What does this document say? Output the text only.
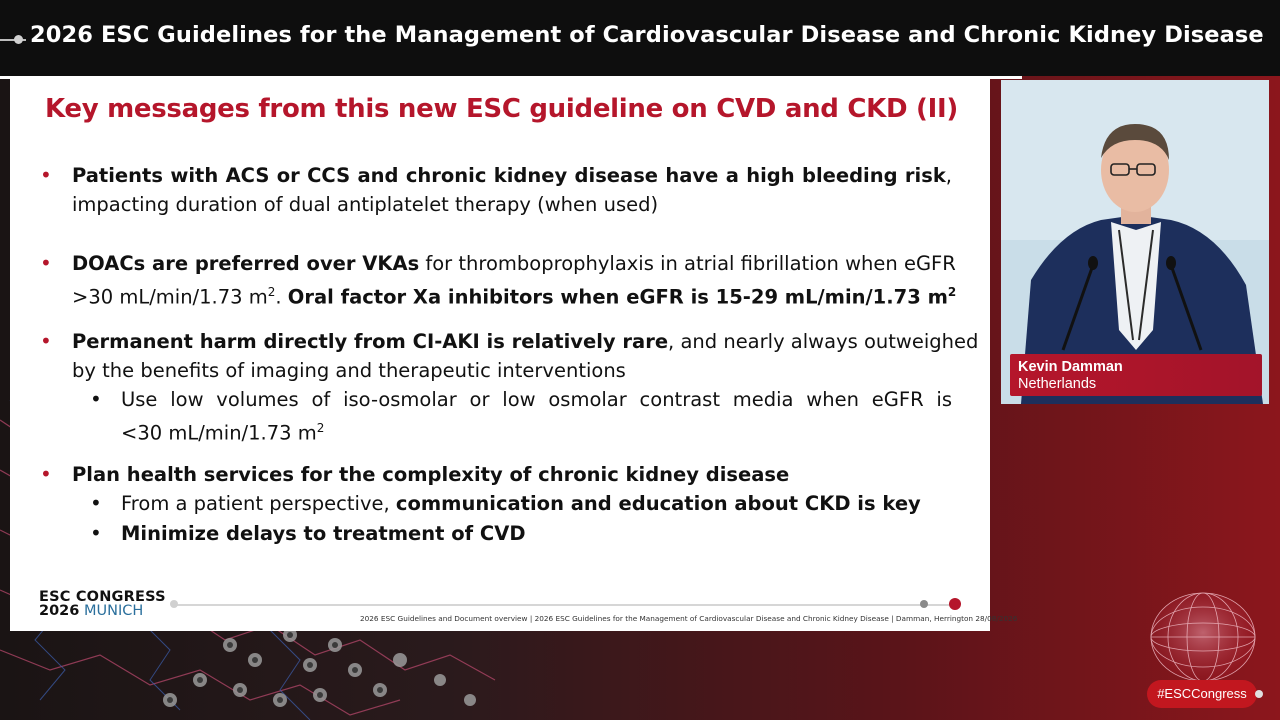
2026 ESC Guidelines for the Management of Cardiovascular Disease and Chronic Kidney Disease
Key messages from this new ESC guideline on CVD and CKD (II)
• Patients with ACS or CCS and chronic kidney disease have a high bleeding risk,
impacting duration of dual antiplatelet therapy (when used)
• DOACs are preferred over VKAs for thromboprophylaxis in atrial fibrillation when eGFR
>30 mL/min/1.73 $m^2$. Oral factor Xa inhibitors when eGFR is 15-29 mL/min/1.73 $m^2$
• Permanent harm directly from CI-AKI is relatively rare, and nearly always outweighed
by the benefits of imaging and therapeutic interventions
• Use low volumes of iso-osmolar or low osmolar contrast media when eGFR is
<30 mL/min/1.73 $m^2$
• Plan health services for the complexity of chronic kidney disease
• From a patient perspective, communication and education about CKD is key
• Minimize delays to treatment of CVD
ESC CONGRESS
2026 MUNICH	2026 ESC Guidelines and Document overview | 2026 ESC Guidelines for the Management of Cardiovascular Disease and Chronic Kidney Disease | Damman, Herrington 28/08/2026
Kevin Damman
Netherlands
#ESCCongress
